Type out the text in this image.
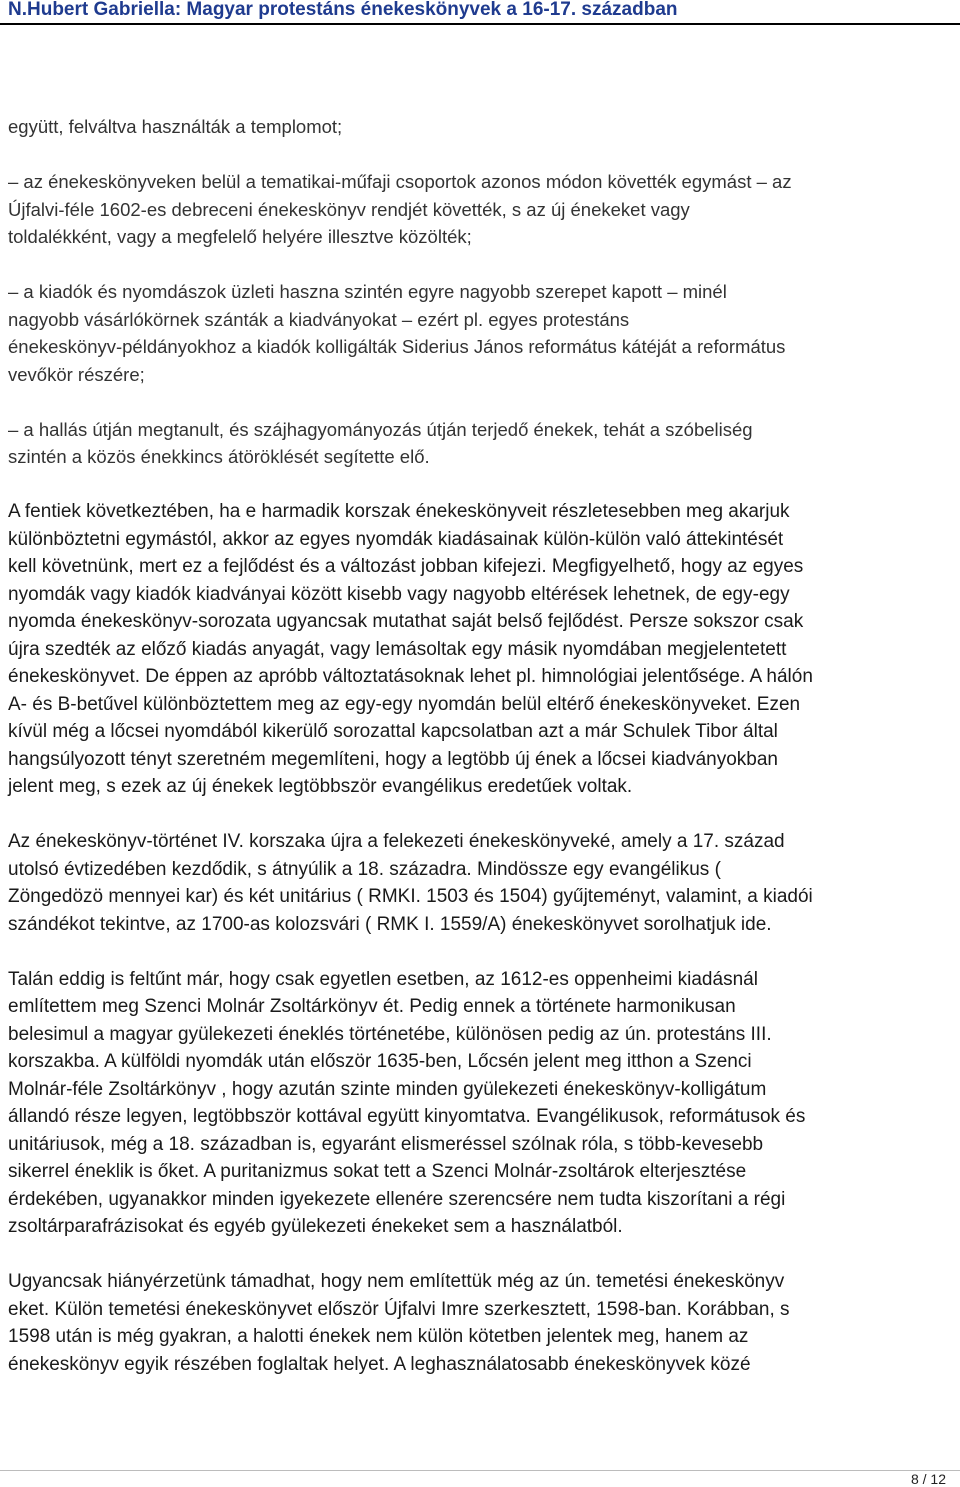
N.Hubert Gabriella: Magyar protestáns énekeskönyvek a 16-17. században
együtt, felváltva használták a templomot;
– az énekeskönyveken belül a tematikai-műfaji csoportok azonos módon követték egymást – az
Újfalvi-féle 1602-es debreceni énekeskönyv rendjét követték, s az új énekeket vagy
toldalékként, vagy a megfelelő helyére illesztve közölték;
– a kiadók és nyomdászok üzleti haszna szintén egyre nagyobb szerepet kapott – minél
nagyobb vásárlókörnek szánták a kiadványokat – ezért pl. egyes protestáns
énekeskönyv-példányokhoz a kiadók kolligálták Siderius János református kátéját a református
vevőkör részére;
– a hallás útján megtanult, és szájhagyományozás útján terjedő énekek, tehát a szóbeliség
szintén a közös énekkincs átöröklését segítette elő.
A fentiek következtében, ha e harmadik korszak énekeskönyveit részletesebben meg akarjuk
különböztetni egymástól, akkor az egyes nyomdák kiadásainak külön-külön való áttekintését
kell követnünk, mert ez a fejlődést és a változást jobban kifejezi. Megfigyelhető, hogy az egyes
nyomdák vagy kiadók kiadványai között kisebb vagy nagyobb eltérések lehetnek, de egy-egy
nyomda énekeskönyv-sorozata ugyancsak mutathat saját belső fejlődést. Persze sokszor csak
újra szedték az előző kiadás anyagát, vagy lemásoltak egy másik nyomdában megjelentetett
énekeskönyvet. De éppen az apróbb változtatásoknak lehet pl. himnológiai jelentősége. A hálón
A- és B-betűvel különböztettem meg az egy-egy nyomdán belül eltérő énekeskönyveket. Ezen
kívül még a lőcsei nyomdából kikerülő sorozattal kapcsolatban azt a már Schulek Tibor által
hangsúlyozott tényt szeretném megemlíteni, hogy a legtöbb új ének a lőcsei kiadványokban
jelent meg, s ezek az új énekek legtöbbször evangélikus eredetűek voltak.
Az énekeskönyv-történet IV. korszaka újra a felekezeti énekeskönyveké, amely a 17. század
utolsó évtizedében kezdődik, s átnyúlik a 18. századra. Mindössze egy evangélikus (
Zöngedözö mennyei kar) és két unitárius ( RMKI. 1503 és 1504) gyűjteményt, valamint, a kiadói
szándékot tekintve, az 1700-as kolozsvári ( RMK I. 1559/A) énekeskönyvet sorolhatjuk ide.
Talán eddig is feltűnt már, hogy csak egyetlen esetben, az 1612-es oppenheimi kiadásnál
említettem meg Szenci Molnár Zsoltárkönyv ét. Pedig ennek a története harmonikusan
belesimul a magyar gyülekezeti éneklés történetébe, különösen pedig az ún. protestáns III.
korszakba. A külföldi nyomdák után először 1635-ben, Lőcsén jelent meg itthon a Szenci
Molnár-féle Zsoltárkönyv , hogy azután szinte minden gyülekezeti énekeskönyv-kolligátum
állandó része legyen, legtöbbször kottával együtt kinyomtatva. Evangélikusok, reformátusok és
unitáriusok, még a 18. században is, egyaránt elismeréssel szólnak róla, s több-kevesebb
sikerrel éneklik is őket. A puritanizmus sokat tett a Szenci Molnár-zsoltárok elterjesztése
érdekében, ugyanakkor minden igyekezete ellenére szerencsére nem tudta kiszorítani a régi
zsoltárparafrázisokat és egyéb gyülekezeti énekeket sem a használatból.
Ugyancsak hiányérzetünk támadhat, hogy nem említettük még az ún. temetési énekeskönyv
eket. Külön temetési énekeskönyvet először Újfalvi Imre szerkesztett, 1598-ban. Korábban, s
1598 után is még gyakran, a halotti énekek nem külön kötetben jelentek meg, hanem az
énekeskönyv egyik részében foglaltak helyet. A leghasználatosabb énekeskönyvek közé
8 / 12
